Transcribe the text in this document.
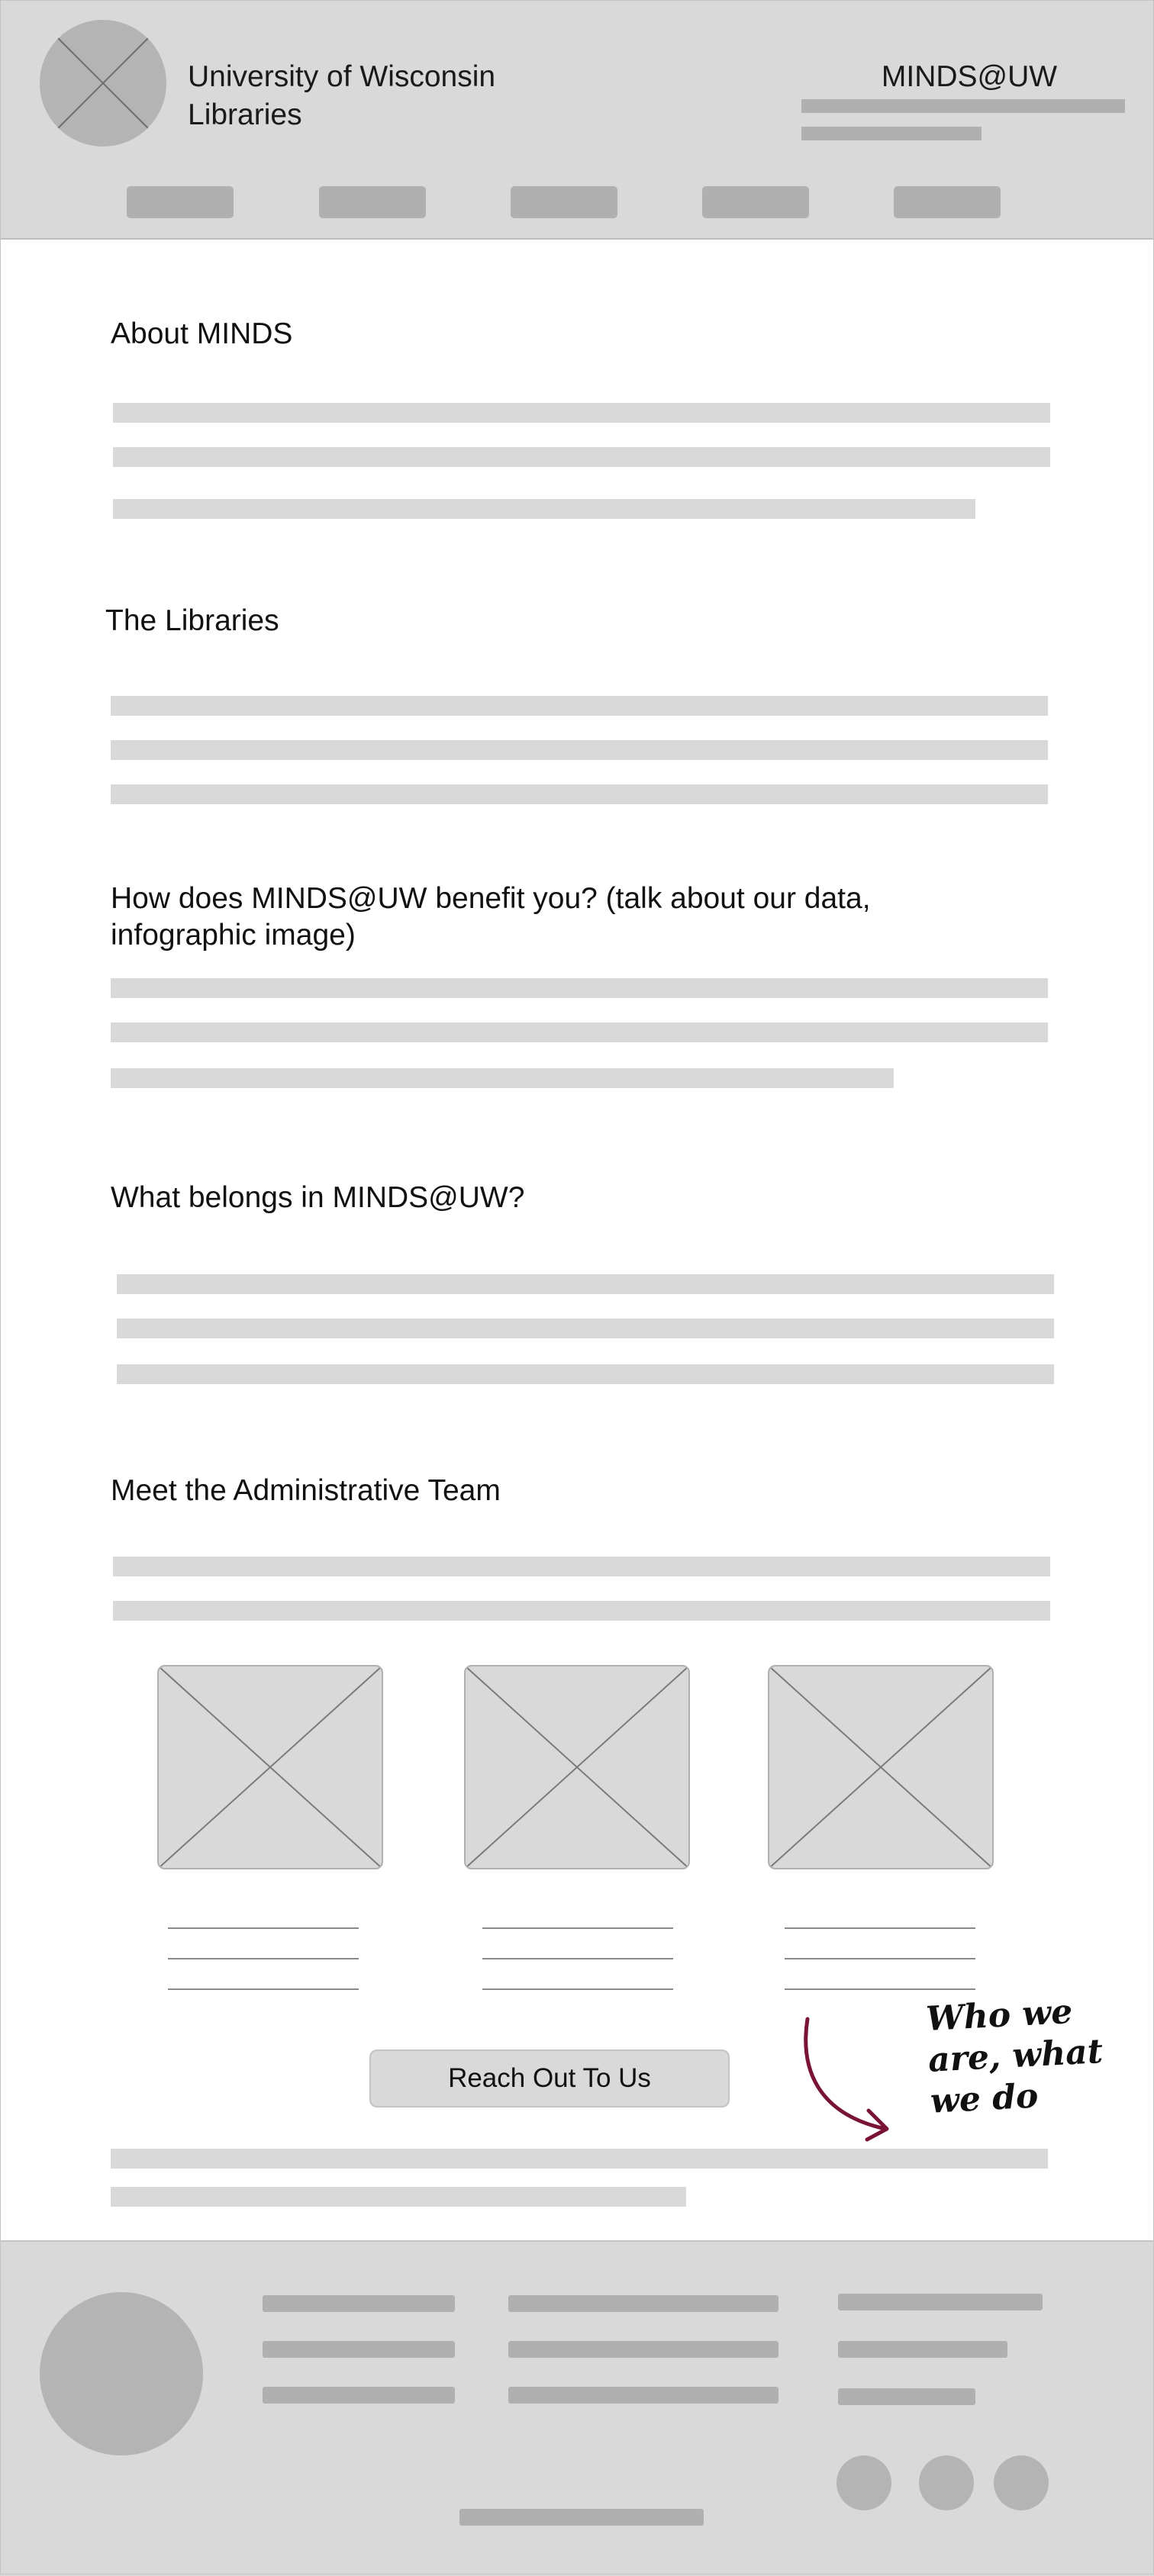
University of Wisconsin
Libraries
MINDS@UW
About MINDS
The Libraries
How does MINDS@UW benefit you? (talk about our data,
infographic image)
What belongs in MINDS@UW?
Meet the Administrative Team
Reach Out To Us
Who we
are, what
we do
